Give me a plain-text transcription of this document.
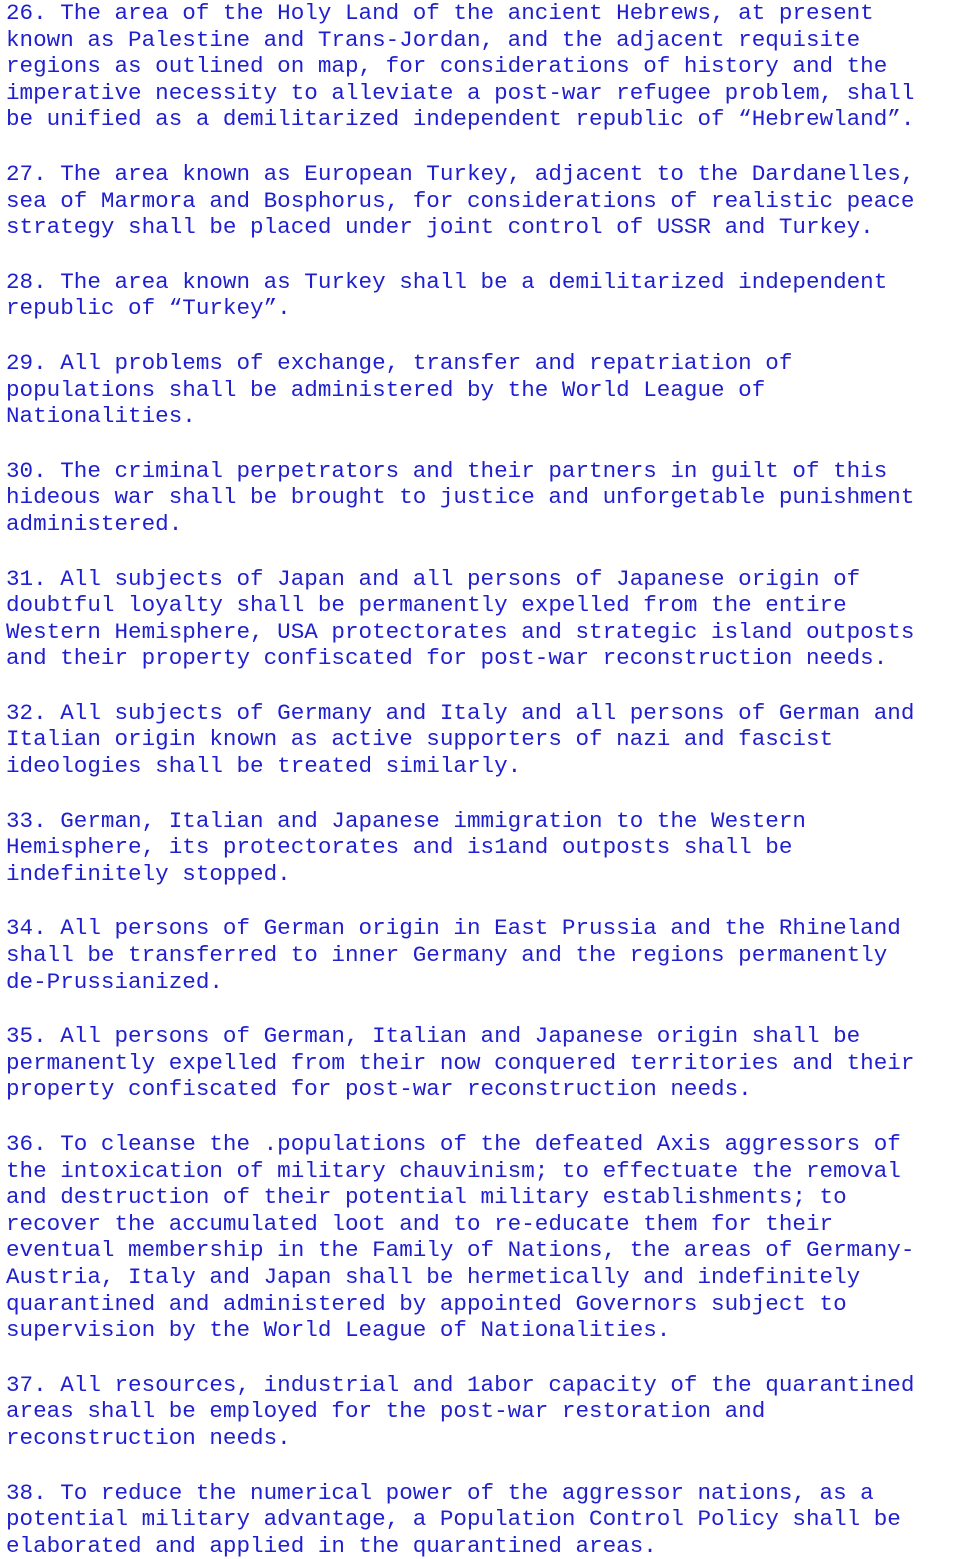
26. The area of the Holy Land of the ancient Hebrews, at present
known as Palestine and Trans-Jordan, and the adjacent requisite
regions as outlined on map, for considerations of history and the
imperative necessity to alleviate a post-war refugee problem, shall
be unified as a demilitarized independent republic of “Hebrewland”.

27. The area known as European Turkey, adjacent to the Dardanelles,
sea of Marmora and Bosphorus, for considerations of realistic peace
strategy shall be placed under joint control of USSR and Turkey.

28. The area known as Turkey shall be a demilitarized independent
republic of “Turkey”.

29. All problems of exchange, transfer and repatriation of
populations shall be administered by the World League of
Nationalities.

30. The criminal perpetrators and their partners in guilt of this
hideous war shall be brought to justice and unforgetable punishment
administered.

31. All subjects of Japan and all persons of Japanese origin of
doubtful loyalty shall be permanently expelled from the entire
Western Hemisphere, USA protectorates and strategic island outposts
and their property confiscated for post-war reconstruction needs.

32. All subjects of Germany and Italy and all persons of German and
Italian origin known as active supporters of nazi and fascist
ideologies shall be treated similarly.

33. German, Italian and Japanese immigration to the Western
Hemisphere, its protectorates and is1and outposts shall be
indefinitely stopped.

34. All persons of German origin in East Prussia and the Rhineland
shall be transferred to inner Germany and the regions permanently
de-Prussianized.

35. All persons of German, Italian and Japanese origin shall be
permanently expelled from their now conquered territories and their
property confiscated for post-war reconstruction needs.

36. To cleanse the .populations of the defeated Axis aggressors of
the intoxication of military chauvinism; to effectuate the removal
and destruction of their potential military establishments; to
recover the accumulated loot and to re-educate them for their
eventual membership in the Family of Nations, the areas of Germany-
Austria, Italy and Japan shall be hermetically and indefinitely
quarantined and administered by appointed Governors subject to
supervision by the World League of Nationalities.

37. All resources, industrial and 1abor capacity of the quarantined
areas shall be employed for the post-war restoration and
reconstruction needs.

38. To reduce the numerical power of the aggressor nations, as a
potential military advantage, a Population Control Policy shall be
elaborated and applied in the quarantined areas.
